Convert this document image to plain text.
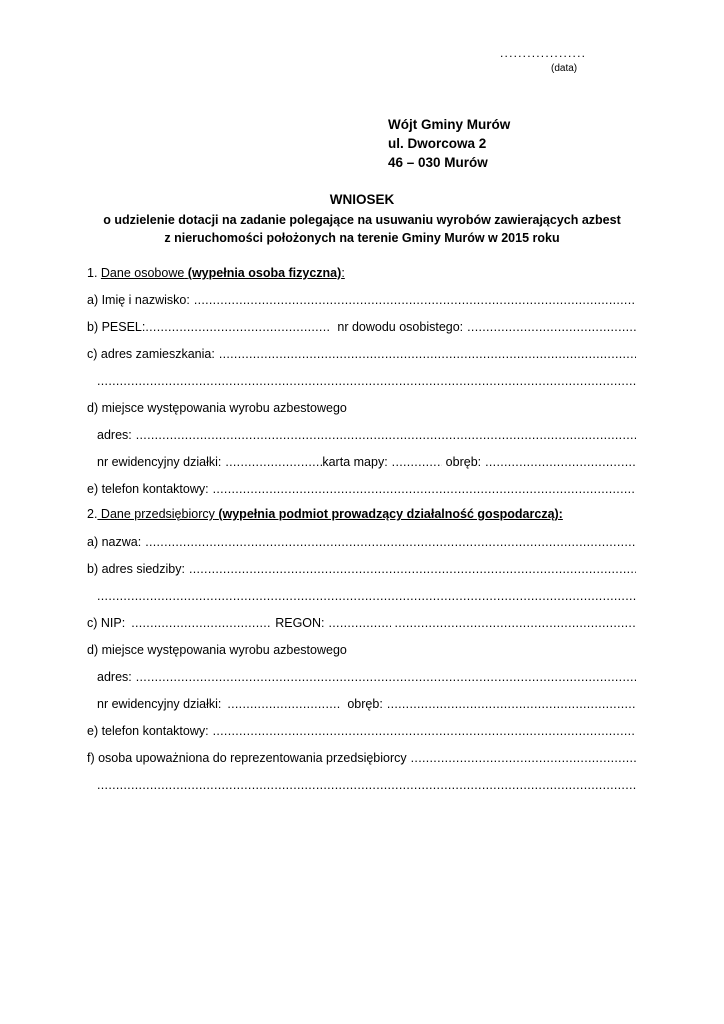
...................
(data)
Wójt Gminy Murów
ul. Dworcowa 2
46 – 030 Murów
WNIOSEK
o udzielenie dotacji na zadanie polegające na usuwaniu wyrobów zawierających azbest
z nieruchomości położonych na terenie Gminy Murów w 2015 roku
1. Dane osobowe (wypełnia osoba fizyczna):
a) Imię i nazwisko:
.....
b) PESEL: .....	nr dowodu osobistego:
.....
c) adres zamieszkania:
.....
.....
d) miejsce występowania wyrobu azbestowego
adres:
.....
nr ewidencyjny działki: .....	karta mapy: .....	obręb:
.....
e) telefon kontaktowy:
.....
2. Dane przedsiębiorcy (wypełnia podmiot prowadzący działalność gospodarczą):
a) nazwa:
.....
b) adres siedziby:
.....
.....
c) NIP: .....	REGON:
.....
.....
d) miejsce występowania wyrobu azbestowego
adres:
.....
nr ewidencyjny działki: .....	obręb:
.....
e) telefon kontaktowy:
.....
f) osoba upoważniona do reprezentowania przedsiębiorcy
.....
.....
